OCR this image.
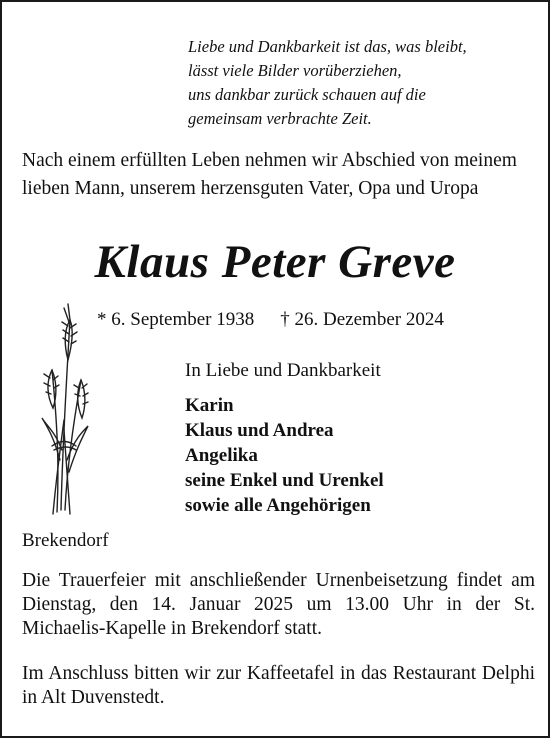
Liebe und Dankbarkeit ist das, was bleibt,
lässt viele Bilder vorüberziehen,
uns dankbar zurück schauen auf die
gemeinsam verbrachte Zeit.
Nach einem erfüllten Leben nehmen wir Abschied von meinem lieben Mann, unserem herzensguten Vater, Opa und Uropa
Klaus Peter Greve
* 6. September 1938 † 26. Dezember 2024
In Liebe und Dankbarkeit
Karin
Klaus und Andrea
Angelika
seine Enkel und Urenkel
sowie alle Angehörigen
Brekendorf
Die Trauerfeier mit anschließender Urnenbeisetzung findet am Dienstag, den 14. Januar 2025 um 13.00 Uhr in der St. Michaelis-Kapelle in Brekendorf statt.
Im Anschluss bitten wir zur Kaffeetafel in das Restaurant Delphi in Alt Duvenstedt.
